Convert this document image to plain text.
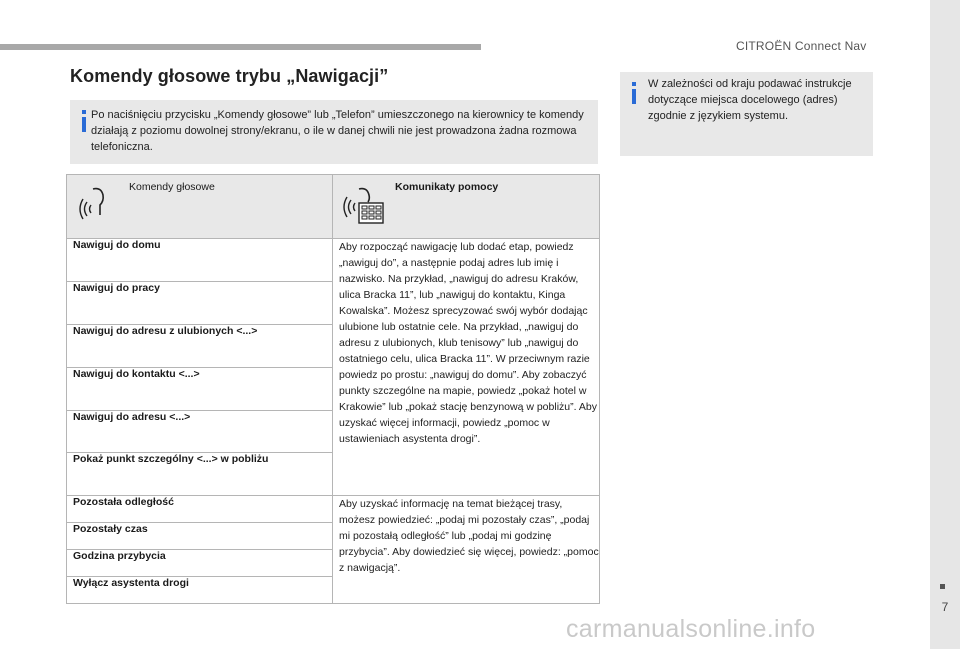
CITROËN Connect Nav
7
Komendy głosowe trybu „Nawigacji”
Po naciśnięciu przycisku „Komendy głosowe” lub „Telefon” umieszczonego na kierownicy te komendy działają z poziomu dowolnej strony/ekranu, o ile w danej chwili nie jest prowadzona żadna rozmowa telefoniczna.
W zależności od kraju podawać instrukcje dotyczące miejsca docelowego (adres) zgodnie z językiem systemu.
Komendy głosowe	Komunikaty pomocy

Nawiguj do domu	Aby rozpocząć nawigację lub dodać etap, powiedz „nawiguj do”, a następnie podaj adres lub imię i nazwisko. Na przykład, „nawiguj do adresu Kraków, ulica Bracka 11”, lub „nawiguj do kontaktu, Kinga Kowalska”. Możesz sprecyzować swój wybór dodając ulubione lub ostatnie cele. Na przykład, „nawiguj do adresu z ulubionych, klub tenisowy” lub „nawiguj do ostatniego celu, ulica Bracka 11”. W przeciwnym razie powiedz po prostu: „nawiguj do domu”. Aby zobaczyć punkty szczególne na mapie, powiedz „pokaż hotel w Krakowie” lub „pokaż stację benzynową w pobliżu”. Aby uzyskać więcej informacji, powiedz „pomoc w ustawieniach asystenta drogi”.
Nawiguj do pracy	
Nawiguj do adresu z ulubionych <...>	
Nawiguj do kontaktu <...>	
Nawiguj do adresu <...>	
Pokaż punkt szczególny <...> w pobliżu	
Pozostała odległość	Aby uzyskać informację na temat bieżącej trasy, możesz powiedzieć: „podaj mi pozostały czas”, „podaj mi pozostałą odległość” lub „podaj mi godzinę przybycia”. Aby dowiedzieć się więcej, powiedz: „pomoc z nawigacją”.
Pozostały czas	
Godzina przybycia	
Wyłącz asystenta drogi	
carmanualsonline.info
